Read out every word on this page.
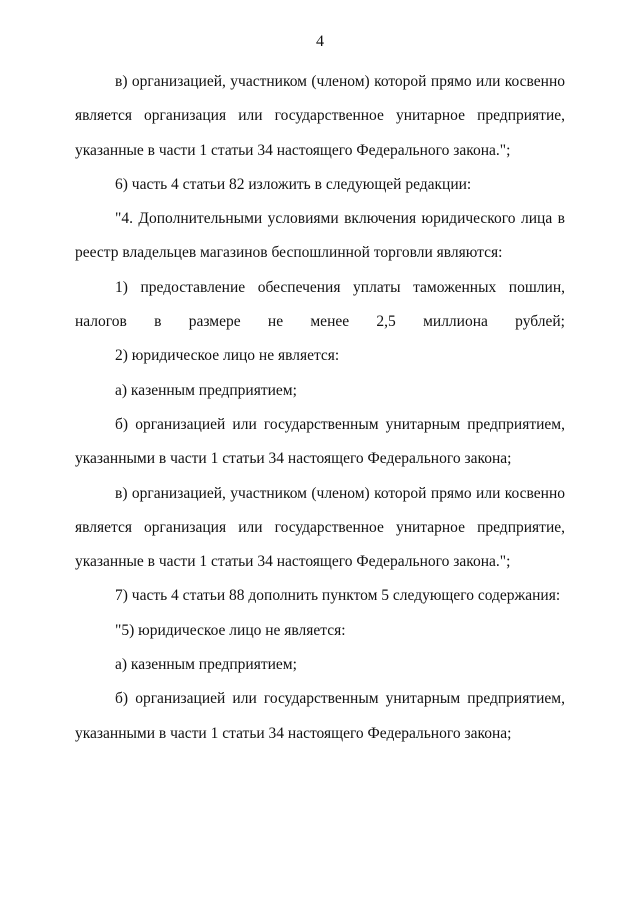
4

в) организацией, участником (членом) которой прямо или косвенно является организация или государственное унитарное предприятие, указанные в части 1 статьи 34 настоящего Федерального закона.";

6) часть 4 статьи 82 изложить в следующей редакции:

"4. Дополнительными условиями включения юридического лица в реестр владельцев магазинов беспошлинной торговли являются:

1) предоставление обеспечения уплаты таможенных пошлин, налогов в размере не менее 2,5 миллиона рублей;

2) юридическое лицо не является:

а) казенным предприятием;

б) организацией или государственным унитарным предприятием, указанными в части 1 статьи 34 настоящего Федерального закона;

в) организацией, участником (членом) которой прямо или косвенно является организация или государственное унитарное предприятие, указанные в части 1 статьи 34 настоящего Федерального закона.";

7) часть 4 статьи 88 дополнить пунктом 5 следующего содержания:

"5) юридическое лицо не является:

а) казенным предприятием;

б) организацией или государственным унитарным предприятием, указанными в части 1 статьи 34 настоящего Федерального закона;
